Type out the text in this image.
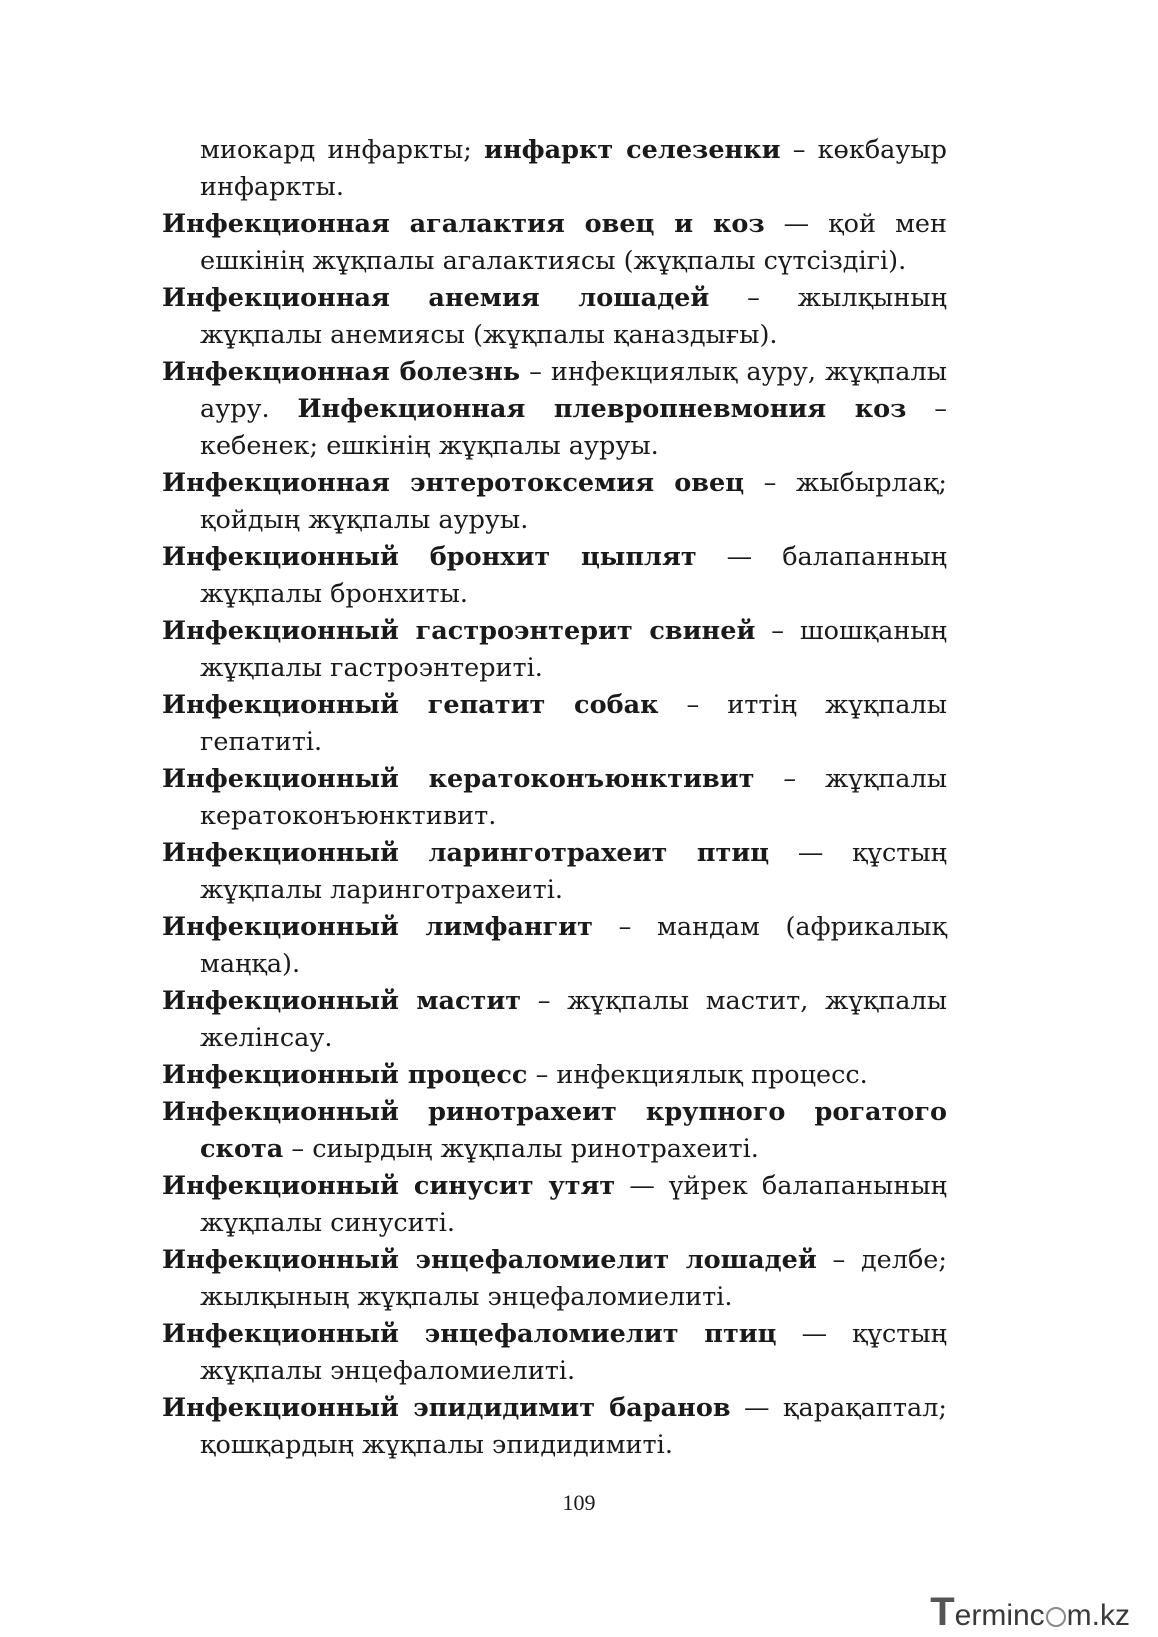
миокард инфаркты; инфаркт селезенки – көкбауыр инфаркты.

Инфекционная агалактия овец и коз — қой мен ешкінің жұқпалы агалактиясы (жұқпалы сүтсіздігі).

Инфекционная анемия лошадей – жылқының жұқпалы анемиясы (жұқпалы қаназдығы).

Инфекционная болезнь – инфекциялық ауру, жұқпалы ауру. Инфекционная плевропневмония коз – кебенек; ешкінің жұқпалы ауруы.

Инфекционная энтеротоксемия овец – жыбырлақ; қойдың жұқпалы ауруы.

Инфекционный бронхит цыплят — балапанның жұқпалы бронхиты.

Инфекционный гастроэнтерит свиней – шошқаның жұқпалы гастроэнтериті.

Инфекционный гепатит собак – иттің жұқпалы гепатиті.

Инфекционный кератоконъюнктивит – жұқпалы кератоконъюнктивит.

Инфекционный ларинготрахеит птиц — құстың жұқпалы ларинготрахеиті.

Инфекционный лимфангит – мандам (африкалық маңқа).

Инфекционный мастит – жұқпалы мастит, жұқпалы желінсау.

Инфекционный процесс – инфекциялық процесс.

Инфекционный ринотрахеит крупного рогатого скота – сиырдың жұқпалы ринотрахеиті.

Инфекционный синусит утят — үйрек балапанының жұқпалы синуситі.

Инфекционный энцефаломиелит лошадей – делбе; жылқының жұқпалы энцефаломиелиті.

Инфекционный энцефаломиелит птиц — құстың жұқпалы энцефаломиелиті.

Инфекционный эпидидимит баранов — қарақаптал; қошқардың жұқпалы эпидидимиті.

109
Terminc m.kz
